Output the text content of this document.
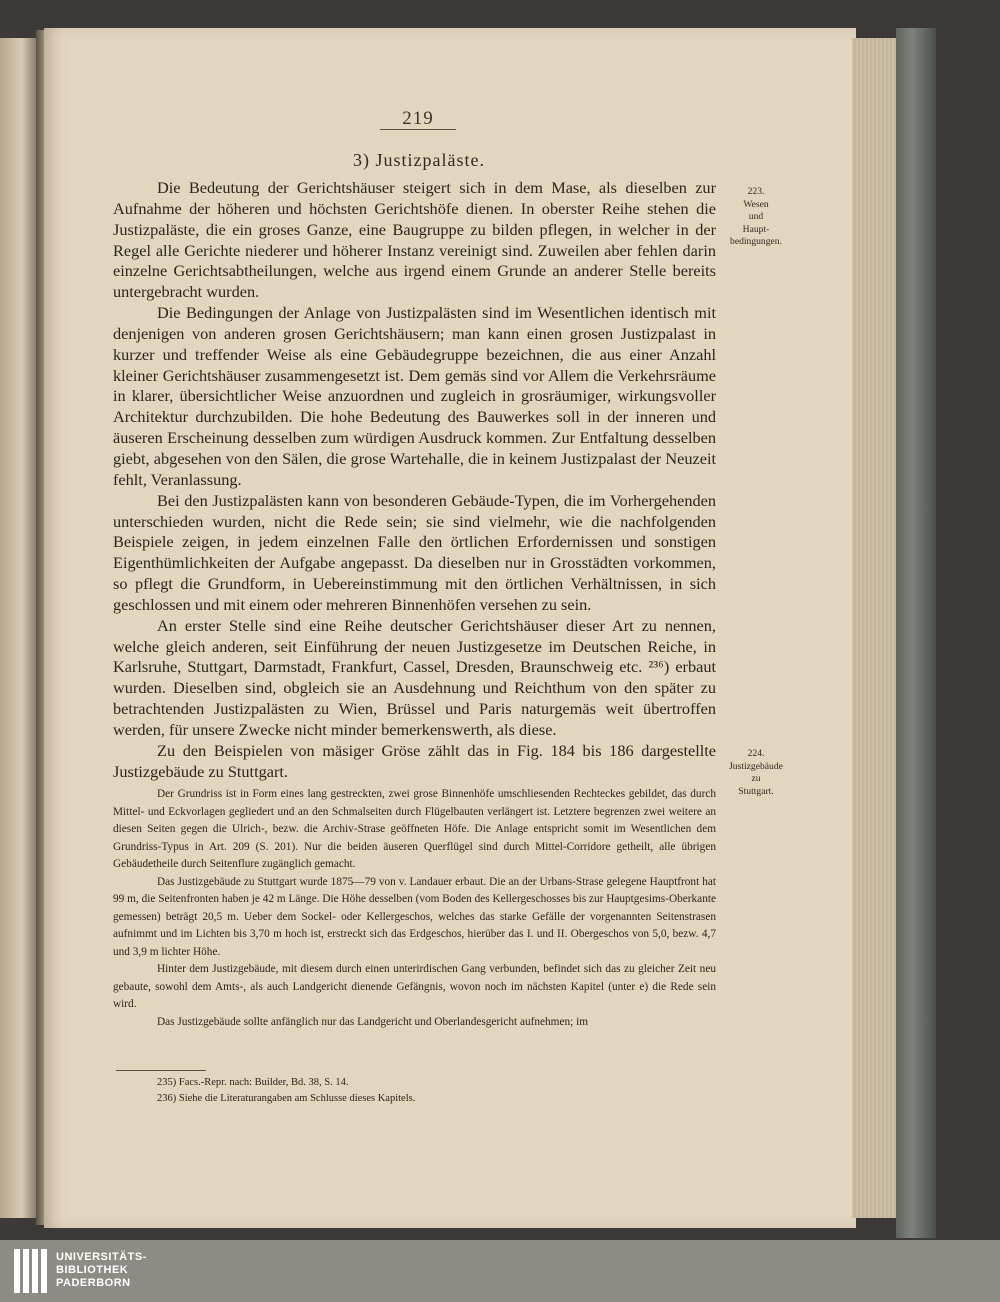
219
3) Justizpaläste.

Die Bedeutung der Gerichtshäuser steigert sich in dem Mase, als dieselben zur Aufnahme der höheren und höchsten Gerichtshöfe dienen. In oberster Reihe stehen die Justizpaläste, die ein groses Ganze, eine Baugruppe zu bilden pflegen, in welcher in der Regel alle Gerichte niederer und höherer Instanz vereinigt sind. Zuweilen aber fehlen darin einzelne Gerichtsabtheilungen, welche aus irgend einem Grunde an anderer Stelle bereits untergebracht wurden.

Die Bedingungen der Anlage von Justizpalästen sind im Wesentlichen identisch mit denjenigen von anderen grosen Gerichtshäusern; man kann einen grosen Justizpalast in kurzer und treffender Weise als eine Gebäudegruppe bezeichnen, die aus einer Anzahl kleiner Gerichtshäuser zusammengesetzt ist. Dem gemäs sind vor Allem die Verkehrsräume in klarer, übersichtlicher Weise anzuordnen und zugleich in grosräumiger, wirkungsvoller Architektur durchzubilden. Die hohe Bedeutung des Bauwerkes soll in der inneren und äuseren Erscheinung desselben zum würdigen Ausdruck kommen. Zur Entfaltung desselben giebt, abgesehen von den Sälen, die grose Wartehalle, die in keinem Justizpalast der Neuzeit fehlt, Veranlassung.

Bei den Justizpalästen kann von besonderen Gebäude-Typen, die im Vorhergehenden unterschieden wurden, nicht die Rede sein; sie sind vielmehr, wie die nachfolgenden Beispiele zeigen, in jedem einzelnen Falle den örtlichen Erfordernissen und sonstigen Eigenthümlichkeiten der Aufgabe angepasst. Da dieselben nur in Grosstädten vorkommen, so pflegt die Grundform, in Uebereinstimmung mit den örtlichen Verhältnissen, in sich geschlossen und mit einem oder mehreren Binnenhöfen versehen zu sein.

An erster Stelle sind eine Reihe deutscher Gerichtshäuser dieser Art zu nennen, welche gleich anderen, seit Einführung der neuen Justizgesetze im Deutschen Reiche, in Karlsruhe, Stuttgart, Darmstadt, Frankfurt, Cassel, Dresden, Braunschweig etc. ²³⁶) erbaut wurden. Dieselben sind, obgleich sie an Ausdehnung und Reichthum von den später zu betrachtenden Justizpalästen zu Wien, Brüssel und Paris naturgemäs weit übertroffen werden, für unsere Zwecke nicht minder bemerkenswerth, als diese.

Zu den Beispielen von mäsiger Gröse zählt das in Fig. 184 bis 186 dargestellte Justizgebäude zu Stuttgart.

Der Grundriss ist in Form eines lang gestreckten, zwei grose Binnenhöfe umschliesenden Rechteckes gebildet, das durch Mittel- und Eckvorlagen gegliedert und an den Schmalseiten durch Flügelbauten verlängert ist. Letztere begrenzen zwei weitere an diesen Seiten gegen die Ulrich-, bezw. die Archiv-Strase geöffneten Höfe. Die Anlage entspricht somit im Wesentlichen dem Grundriss-Typus in Art. 209 (S. 201). Nur die beiden äuseren Querflügel sind durch Mittel-Corridore getheilt, alle übrigen Gebäudetheile durch Seitenflure zugänglich gemacht.

Das Justizgebäude zu Stuttgart wurde 1875—79 von v. Landauer erbaut. Die an der Urbans-Strase gelegene Hauptfront hat 99 m, die Seitenfronten haben je 42 m Länge. Die Höhe desselben (vom Boden des Kellergeschosses bis zur Hauptgesims-Oberkante gemessen) beträgt 20,5 m. Ueber dem Sockel- oder Kellergeschos, welches das starke Gefälle der vorgenannten Seitenstrasen aufnimmt und im Lichten bis 3,70 m hoch ist, erstreckt sich das Erdgeschos, hierüber das I. und II. Obergeschos von 5,0, bezw. 4,7 und 3,9 m lichter Höhe.

Hinter dem Justizgebäude, mit diesem durch einen unterirdischen Gang verbunden, befindet sich das zu gleicher Zeit neu gebaute, sowohl dem Amts-, als auch Landgericht dienende Gefängnis, wovon noch im nächsten Kapitel (unter e) die Rede sein wird.

Das Justizgebäude sollte anfänglich nur das Landgericht und Oberlandesgericht aufnehmen; im

235) Facs.-Repr. nach: Builder, Bd. 38, S. 14.
236) Siehe die Literaturangaben am Schlusse dieses Kapitels.
223.
Wesen
und
Haupt-
bedingungen.
224.
Justizgebäude
zu
Stuttgart.
UNIVERSITÄTS-
BIBLIOTHEK
PADERBORN
